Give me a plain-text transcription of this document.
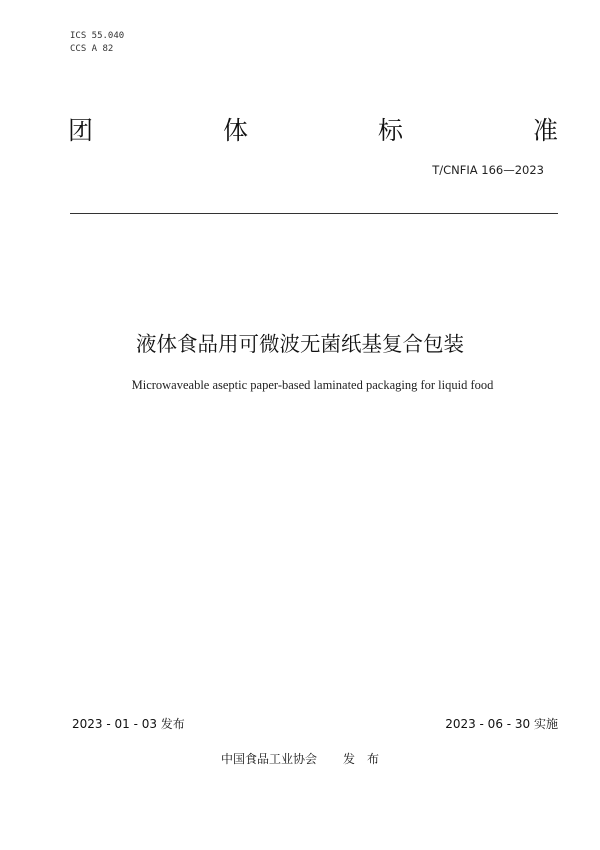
ICS 55.040
CCS A 82
团	体	标	准
T/CNFIA 166—2023
液体食品用可微波无菌纸基复合包装
Microwaveable aseptic paper-based laminated packaging for liquid food
2023 - 01 - 03 发布	2023 - 06 - 30 实施
中国食品工业协会 发 布
